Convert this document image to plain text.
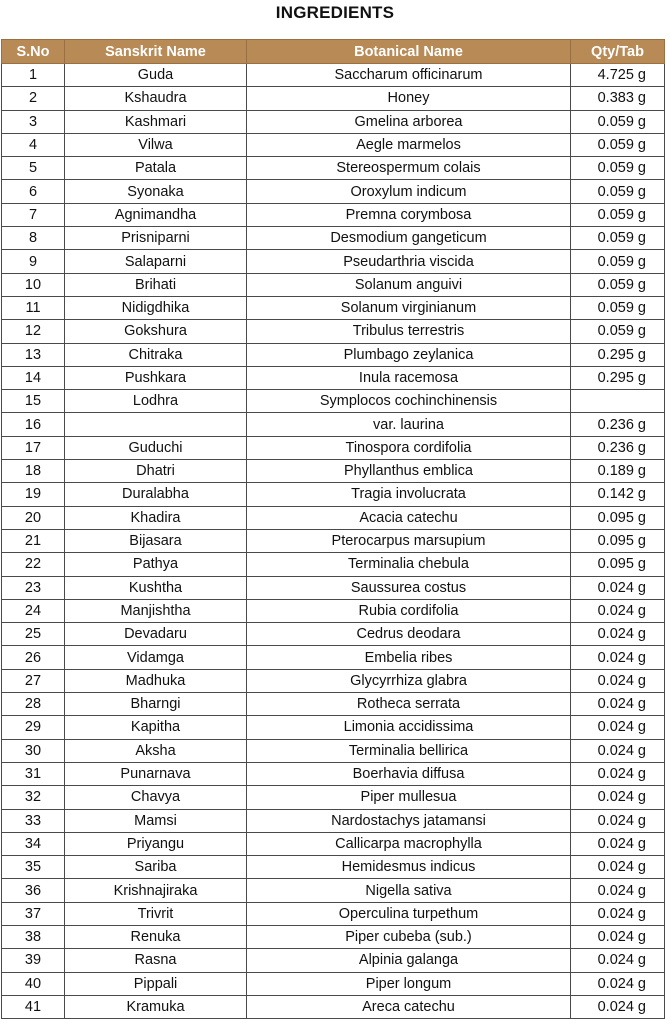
INGREDIENTS
S.No	Sanskrit Name	Botanical Name	Qty/Tab
1	Guda	Saccharum officinarum	4.725 g
2	Kshaudra	Honey	0.383 g
3	Kashmari	Gmelina arborea	0.059 g
4	Vilwa	Aegle marmelos	0.059 g
5	Patala	Stereospermum colais	0.059 g
6	Syonaka	Oroxylum indicum	0.059 g
7	Agnimandha	Premna corymbosa	0.059 g
8	Prisniparni	Desmodium gangeticum	0.059 g
9	Salaparni	Pseudarthria viscida	0.059 g
10	Brihati	Solanum anguivi	0.059 g
11	Nidigdhika	Solanum virginianum	0.059 g
12	Gokshura	Tribulus terrestris	0.059 g
13	Chitraka	Plumbago zeylanica	0.295 g
14	Pushkara	Inula racemosa	0.295 g
15	Lodhra	Symplocos cochinchinensis	
16		var. laurina	0.236 g
17	Guduchi	Tinospora cordifolia	0.236 g
18	Dhatri	Phyllanthus emblica	0.189 g
19	Duralabha	Tragia involucrata	0.142 g
20	Khadira	Acacia catechu	0.095 g
21	Bijasara	Pterocarpus marsupium	0.095 g
22	Pathya	Terminalia chebula	0.095 g
23	Kushtha	Saussurea costus	0.024 g
24	Manjishtha	Rubia cordifolia	0.024 g
25	Devadaru	Cedrus deodara	0.024 g
26	Vidamga	Embelia ribes	0.024 g
27	Madhuka	Glycyrrhiza glabra	0.024 g
28	Bharngi	Rotheca serrata	0.024 g
29	Kapitha	Limonia accidissima	0.024 g
30	Aksha	Terminalia bellirica	0.024 g
31	Punarnava	Boerhavia diffusa	0.024 g
32	Chavya	Piper mullesua	0.024 g
33	Mamsi	Nardostachys jatamansi	0.024 g
34	Priyangu	Callicarpa macrophylla	0.024 g
35	Sariba	Hemidesmus indicus	0.024 g
36	Krishnajiraka	Nigella sativa	0.024 g
37	Trivrit	Operculina turpethum	0.024 g
38	Renuka	Piper cubeba (sub.)	0.024 g
39	Rasna	Alpinia galanga	0.024 g
40	Pippali	Piper longum	0.024 g
41	Kramuka	Areca catechu	0.024 g
